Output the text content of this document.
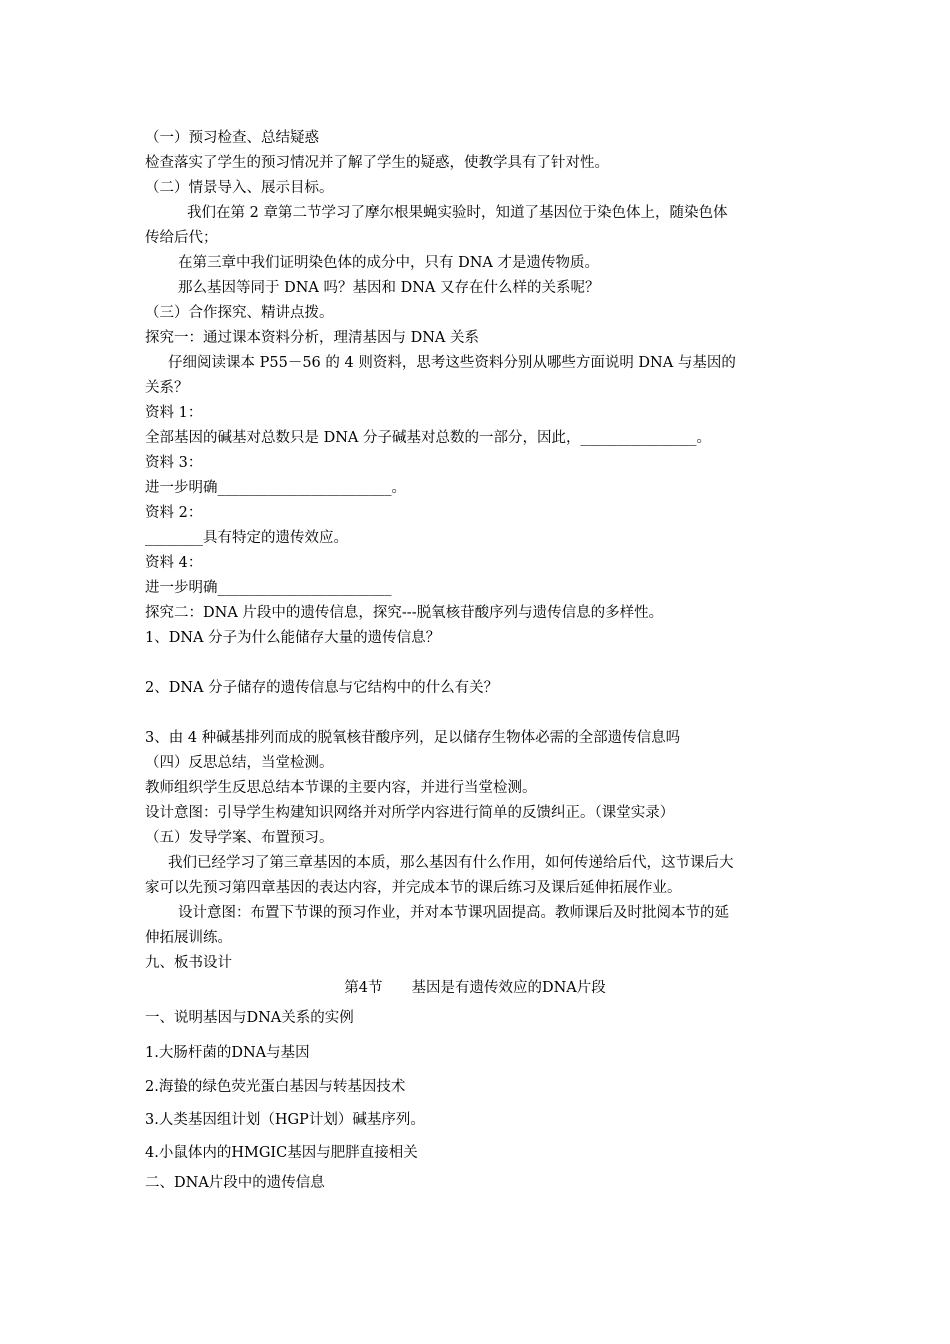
（一）预习检查、总结疑惑
检查落实了学生的预习情况并了解了学生的疑惑，使教学具有了针对性。
（二）情景导入、展示目标。
我们在第 2 章第二节学习了摩尔根果蝇实验时，知道了基因位于染色体上，随染色体
传给后代；
在第三章中我们证明染色体的成分中，只有 DNA 才是遗传物质。
那么基因等同于 DNA 吗？基因和 DNA 又存在什么样的关系呢？
（三）合作探究、精讲点拨。
探究一：通过课本资料分析，理清基因与 DNA 关系
仔细阅读课本 P55－56 的 4 则资料，思考这些资料分别从哪些方面说明 DNA 与基因的
关系？
资料 1：
全部基因的碱基对总数只是 DNA 分子碱基对总数的一部分，因此，________________。
资料 3：
进一步明确________________________。
资料 2：
________具有特定的遗传效应。
资料 4：
进一步明确________________________
探究二：DNA 片段中的遗传信息，探究---脱氧核苷酸序列与遗传信息的多样性。
1、DNA 分子为什么能储存大量的遗传信息？
2、DNA 分子储存的遗传信息与它结构中的什么有关？
3、由 4 种碱基排列而成的脱氧核苷酸序列，足以储存生物体必需的全部遗传信息吗
（四）反思总结，当堂检测。
教师组织学生反思总结本节课的主要内容，并进行当堂检测。
设计意图：引导学生构建知识网络并对所学内容进行简单的反馈纠正。（课堂实录）
（五）发导学案、布置预习。
我们已经学习了第三章基因的本质，那么基因有什么作用，如何传递给后代，这节课后大
家可以先预习第四章基因的表达内容，并完成本节的课后练习及课后延伸拓展作业。
设计意图：布置下节课的预习作业，并对本节课巩固提高。教师课后及时批阅本节的延
伸拓展训练。
九、板书设计
第4节　　基因是有遗传效应的DNA片段
一、说明基因与DNA关系的实例
1.大肠杆菌的DNA与基因
2.海蛰的绿色荧光蛋白基因与转基因技术
3.人类基因组计划（HGP计划）碱基序列。
4.小鼠体内的HMGIC基因与肥胖直接相关
二、DNA片段中的遗传信息
